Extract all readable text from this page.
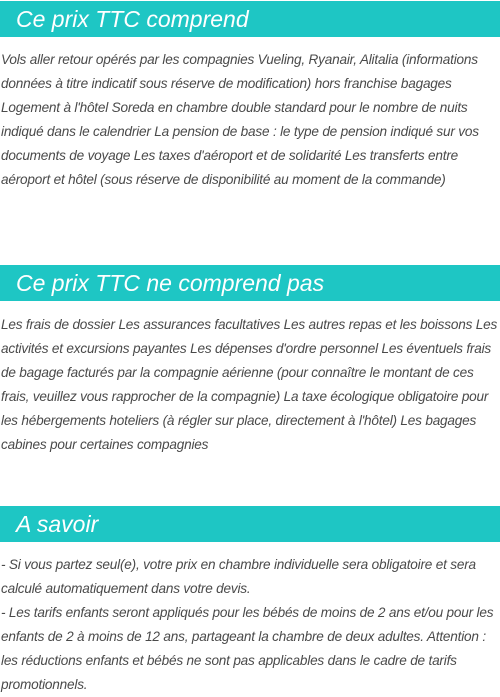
Ce prix TTC comprend

Vols aller retour opérés par les compagnies Vueling, Ryanair, Alitalia (informations données à titre indicatif sous réserve de modification) hors franchise bagages Logement à l'hôtel Soreda en chambre double standard pour le nombre de nuits indiqué dans le calendrier La pension de base : le type de pension indiqué sur vos documents de voyage Les taxes d'aéroport et de solidarité Les transferts entre aéroport et hôtel (sous réserve de disponibilité au moment de la commande)

Ce prix TTC ne comprend pas

Les frais de dossier Les assurances facultatives Les autres repas et les boissons Les activités et excursions payantes Les dépenses d'ordre personnel Les éventuels frais de bagage facturés par la compagnie aérienne (pour connaître le montant de ces frais, veuillez vous rapprocher de la compagnie) La taxe écologique obligatoire pour les hébergements hoteliers (à régler sur place, directement à l'hôtel) Les bagages cabines pour certaines compagnies

A savoir

- Si vous partez seul(e), votre prix en chambre individuelle sera obligatoire et sera calculé automatiquement dans votre devis.

- Les tarifs enfants seront appliqués pour les bébés de moins de 2 ans et/ou pour les enfants de 2 à moins de 12 ans, partageant la chambre de deux adultes. Attention : les réductions enfants et bébés ne sont pas applicables dans le cadre de tarifs promotionnels.
